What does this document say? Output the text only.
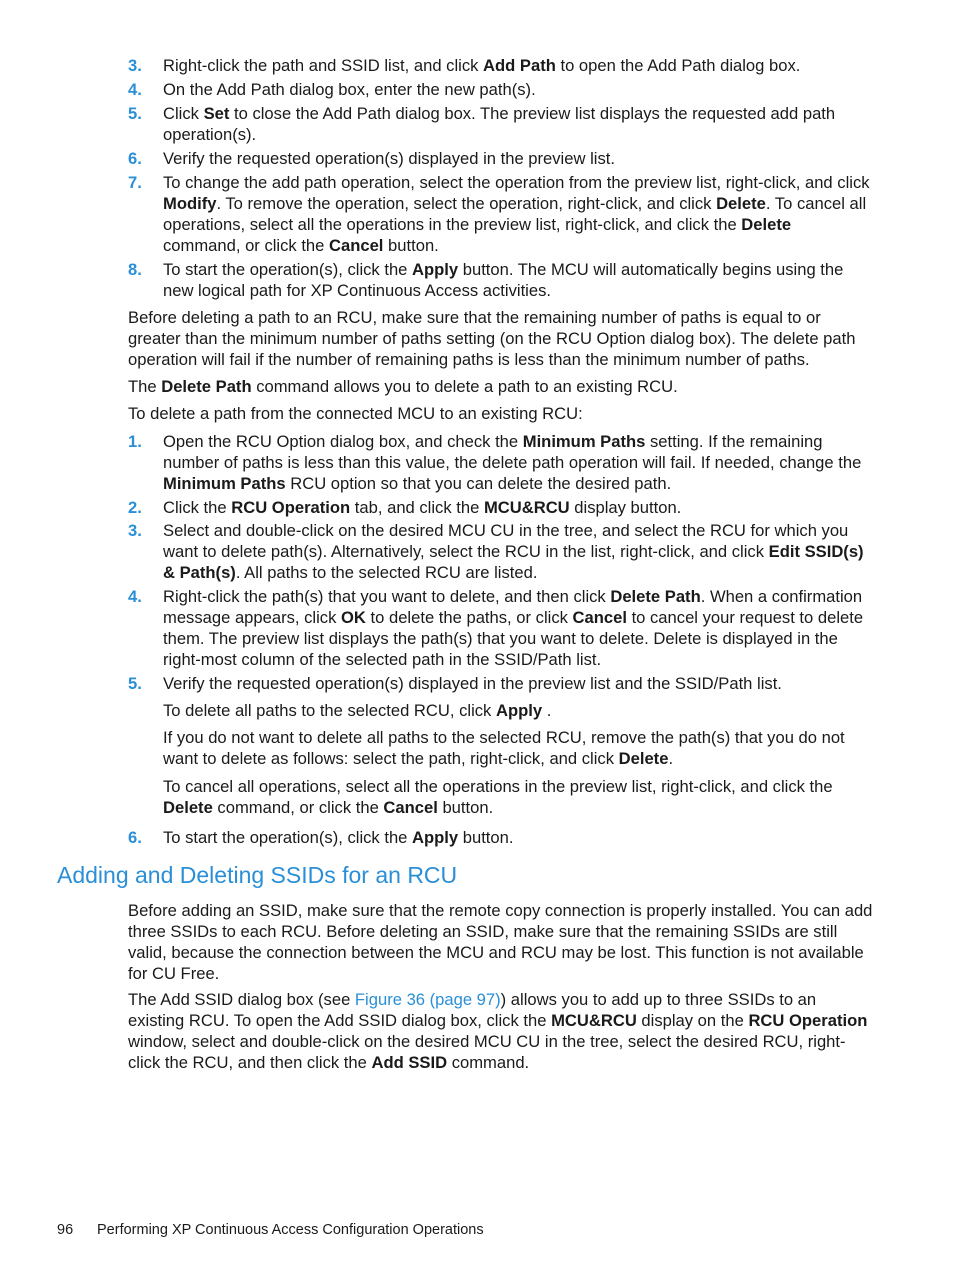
3.	Right-click the path and SSID list, and click Add Path to open the Add Path dialog box.
4.	On the Add Path dialog box, enter the new path(s).
5.	Click Set to close the Add Path dialog box. The preview list displays the requested add path operation(s).
6.	Verify the requested operation(s) displayed in the preview list.
7.	To change the add path operation, select the operation from the preview list, right-click, and click Modify. To remove the operation, select the operation, right-click, and click Delete. To cancel all operations, select all the operations in the preview list, right-click, and click the Delete command, or click the Cancel button.
8.	To start the operation(s), click the Apply button. The MCU will automatically begins using the new logical path for XP Continuous Access activities.
Before deleting a path to an RCU, make sure that the remaining number of paths is equal to or greater than the minimum number of paths setting (on the RCU Option dialog box). The delete path operation will fail if the number of remaining paths is less than the minimum number of paths.
The Delete Path command allows you to delete a path to an existing RCU.
To delete a path from the connected MCU to an existing RCU:
1.	Open the RCU Option dialog box, and check the Minimum Paths setting. If the remaining number of paths is less than this value, the delete path operation will fail. If needed, change the Minimum Paths RCU option so that you can delete the desired path.
2.	Click the RCU Operation tab, and click the MCU&RCU display button.
3.	Select and double-click on the desired MCU CU in the tree, and select the RCU for which you want to delete path(s). Alternatively, select the RCU in the list, right-click, and click Edit SSID(s) & Path(s). All paths to the selected RCU are listed.
4.	Right-click the path(s) that you want to delete, and then click Delete Path. When a confirmation message appears, click OK to delete the paths, or click Cancel to cancel your request to delete them. The preview list displays the path(s) that you want to delete. Delete is displayed in the right-most column of the selected path in the SSID/Path list.
5.	Verify the requested operation(s) displayed in the preview list and the SSID/Path list.
To delete all paths to the selected RCU, click Apply .
If you do not want to delete all paths to the selected RCU, remove the path(s) that you do not want to delete as follows: select the path, right-click, and click Delete.
To cancel all operations, select all the operations in the preview list, right-click, and click the Delete command, or click the Cancel button.
6.	To start the operation(s), click the Apply button.
Adding and Deleting SSIDs for an RCU
Before adding an SSID, make sure that the remote copy connection is properly installed. You can add three SSIDs to each RCU. Before deleting an SSID, make sure that the remaining SSIDs are still valid, because the connection between the MCU and RCU may be lost. This function is not available for CU Free.
The Add SSID dialog box (see Figure 36 (page 97)) allows you to add up to three SSIDs to an existing RCU. To open the Add SSID dialog box, click the MCU&RCU display on the RCU Operation window, select and double-click on the desired MCU CU in the tree, select the desired RCU, right-click the RCU, and then click the Add SSID command.
96 Performing XP Continuous Access Configuration Operations
